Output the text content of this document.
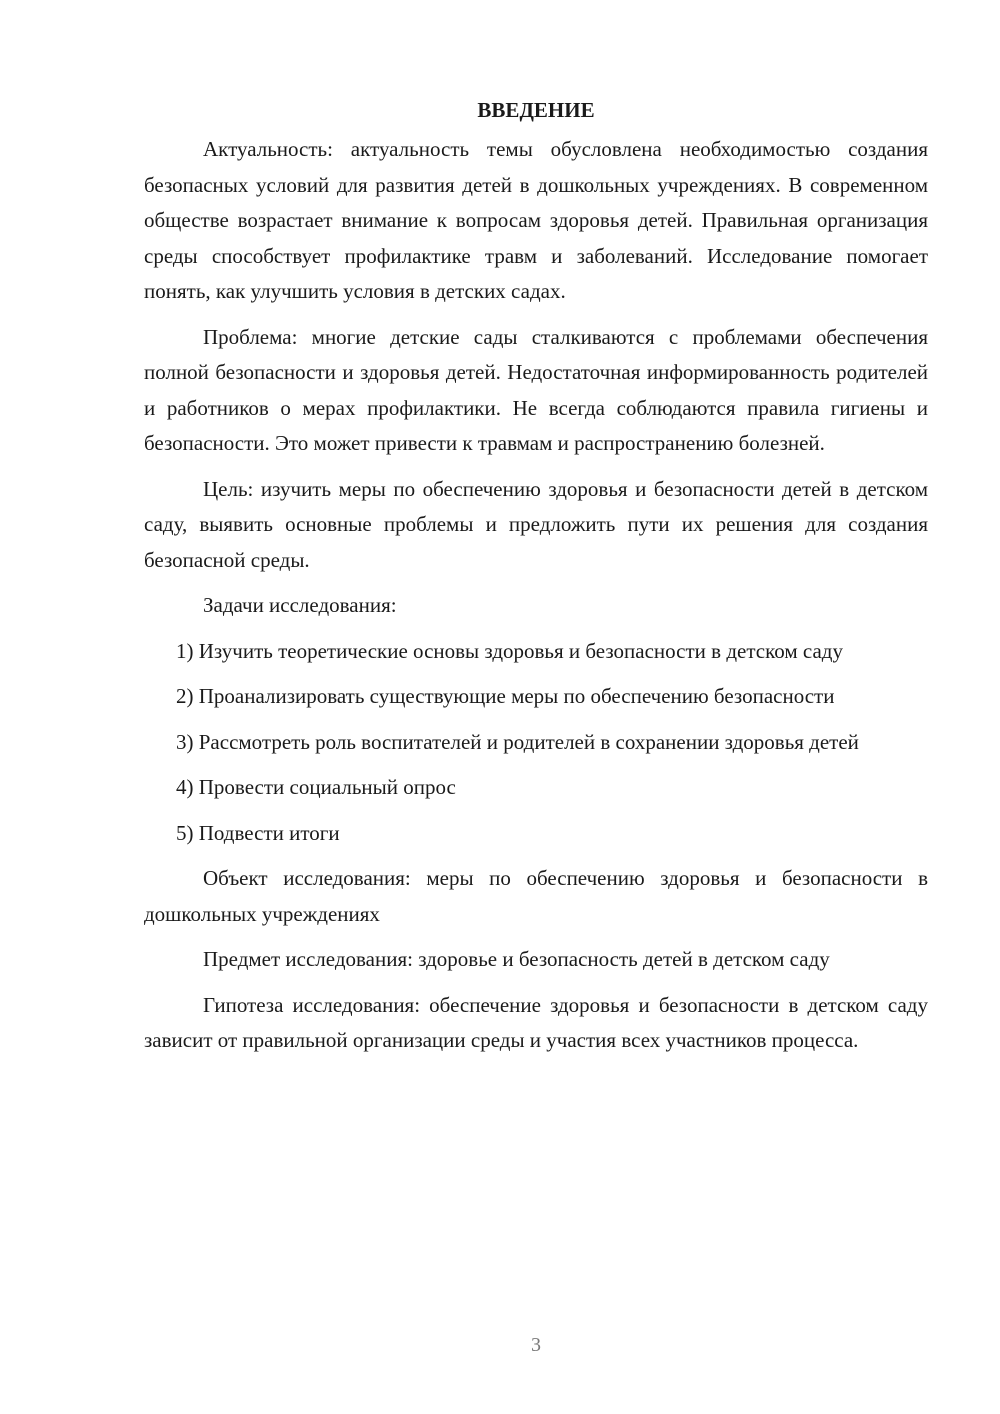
ВВЕДЕНИЕ

Актуальность: актуальность темы обусловлена необходимостью создания безопасных условий для развития детей в дошкольных учреждениях. В современном обществе возрастает внимание к вопросам здоровья детей. Правильная организация среды способствует профилактике травм и заболеваний. Исследование помогает понять, как улучшить условия в детских садах.

Проблема: многие детские сады сталкиваются с проблемами обеспечения полной безопасности и здоровья детей. Недостаточная информированность родителей и работников о мерах профилактики. Не всегда соблюдаются правила гигиены и безопасности. Это может привести к травмам и распространению болезней.

Цель: изучить меры по обеспечению здоровья и безопасности детей в детском саду, выявить основные проблемы и предложить пути их решения для создания безопасной среды.

Задачи исследования:

1) Изучить теоретические основы здоровья и безопасности в детском саду

2) Проанализировать существующие меры по обеспечению безопасности

3) Рассмотреть роль воспитателей и родителей в сохранении здоровья детей

4) Провести социальный опрос

5) Подвести итоги

Объект исследования: меры по обеспечению здоровья и безопасности в дошкольных учреждениях

Предмет исследования: здоровье и безопасность детей в детском саду

Гипотеза исследования: обеспечение здоровья и безопасности в детском саду зависит от правильной организации среды и участия всех участников процесса.

3
